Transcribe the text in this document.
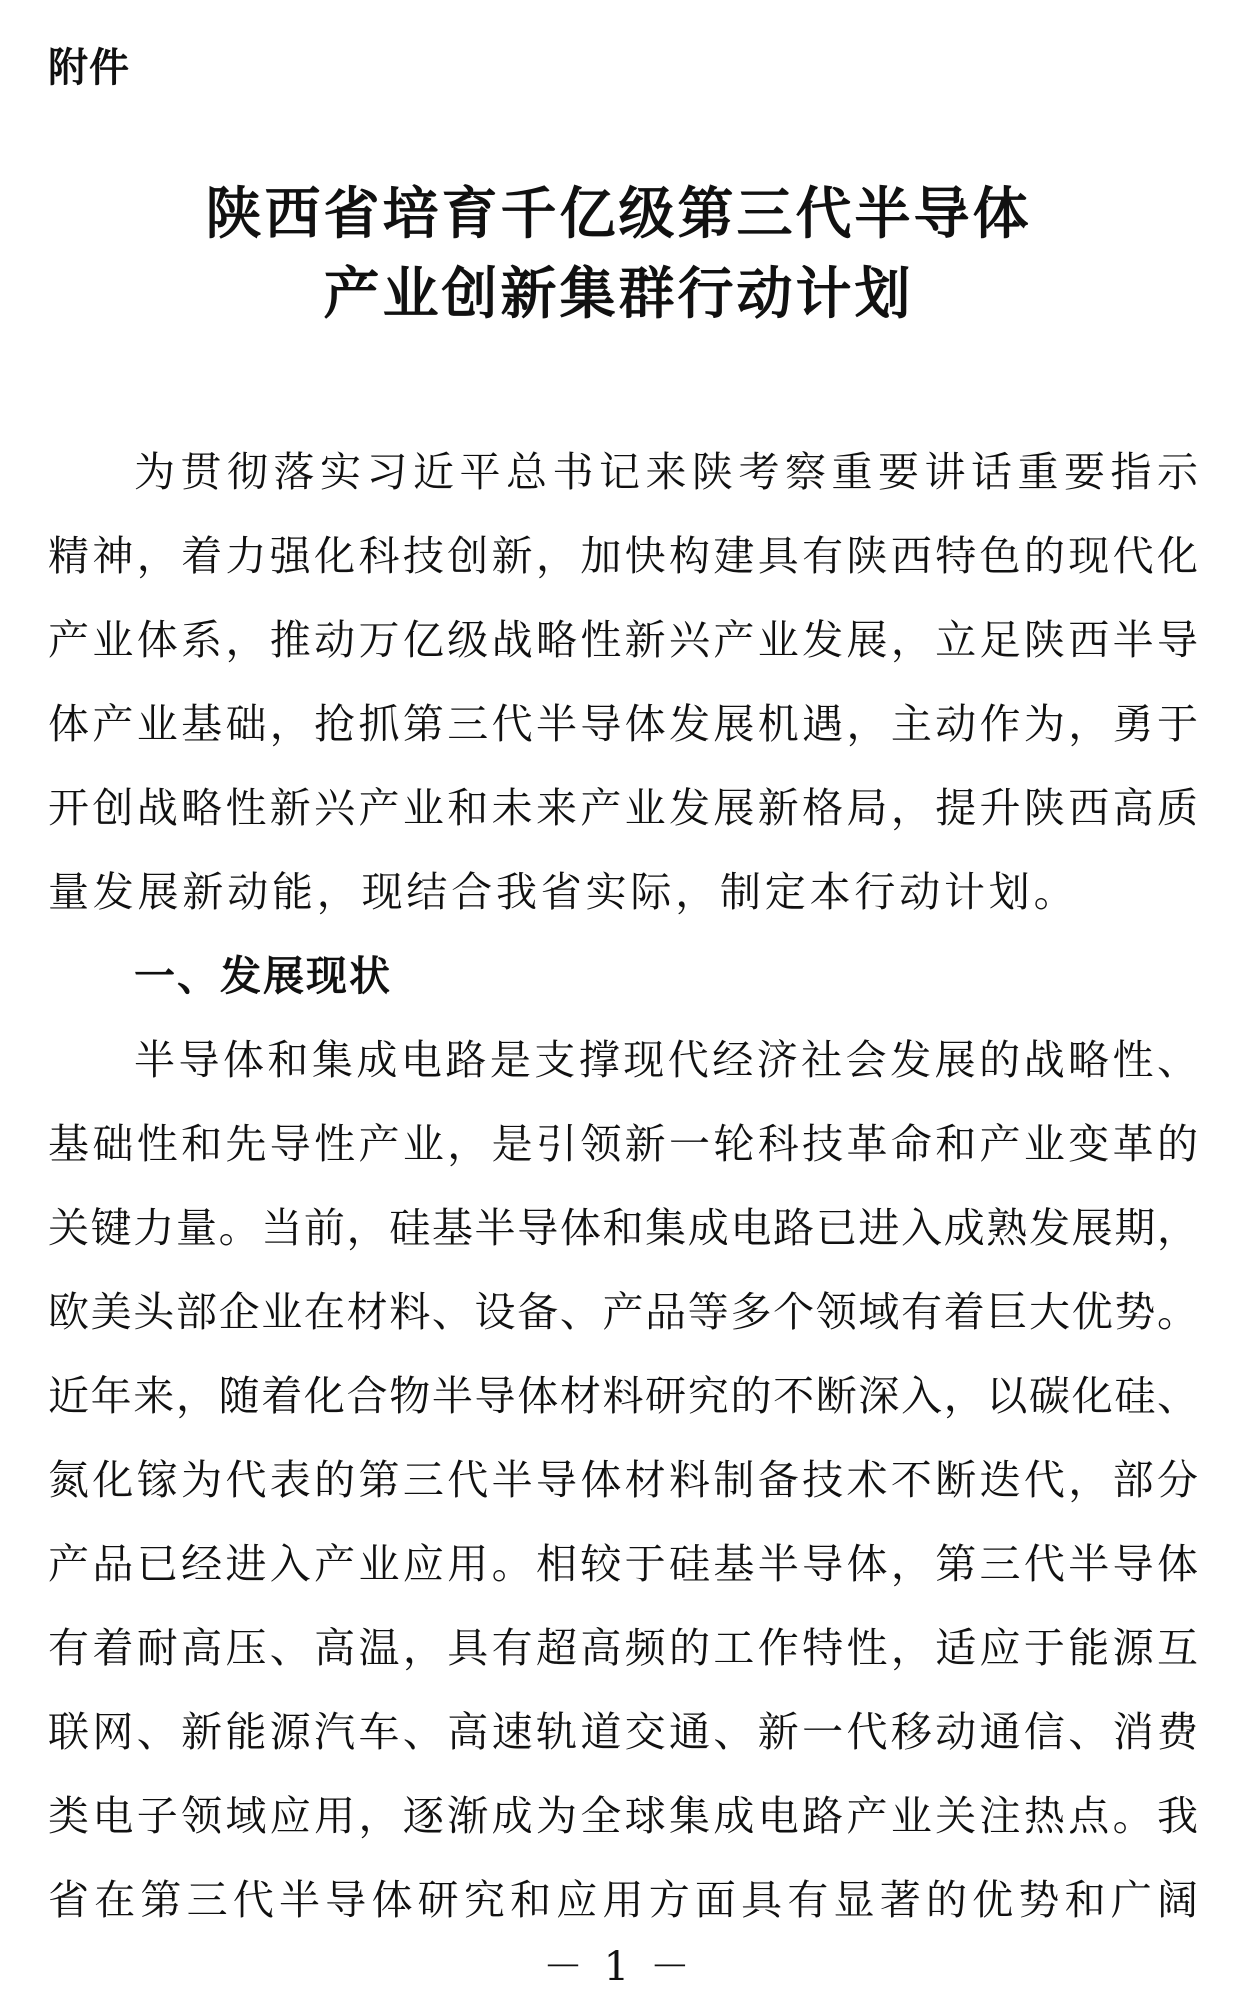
附件
陕西省培育千亿级第三代半导体
产业创新集群行动计划
为贯彻落实习近平总书记来陕考察重要讲话重要指示
精神，着力强化科技创新，加快构建具有陕西特色的现代化
产业体系，推动万亿级战略性新兴产业发展，立足陕西半导
体产业基础，抢抓第三代半导体发展机遇，主动作为，勇于
开创战略性新兴产业和未来产业发展新格局，提升陕西高质
量发展新动能，现结合我省实际，制定本行动计划。
一、发展现状
半导体和集成电路是支撑现代经济社会发展的战略性、
基础性和先导性产业，是引领新一轮科技革命和产业变革的
关键力量。当前，硅基半导体和集成电路已进入成熟发展期，
欧美头部企业在材料、设备、产品等多个领域有着巨大优势。
近年来，随着化合物半导体材料研究的不断深入，以碳化硅、
氮化镓为代表的第三代半导体材料制备技术不断迭代，部分
产品已经进入产业应用。相较于硅基半导体，第三代半导体
有着耐高压、高温，具有超高频的工作特性，适应于能源互
联网、新能源汽车、高速轨道交通、新一代移动通信、消费
类电子领域应用，逐渐成为全球集成电路产业关注热点。我
省在第三代半导体研究和应用方面具有显著的优势和广阔
－ 1 －
